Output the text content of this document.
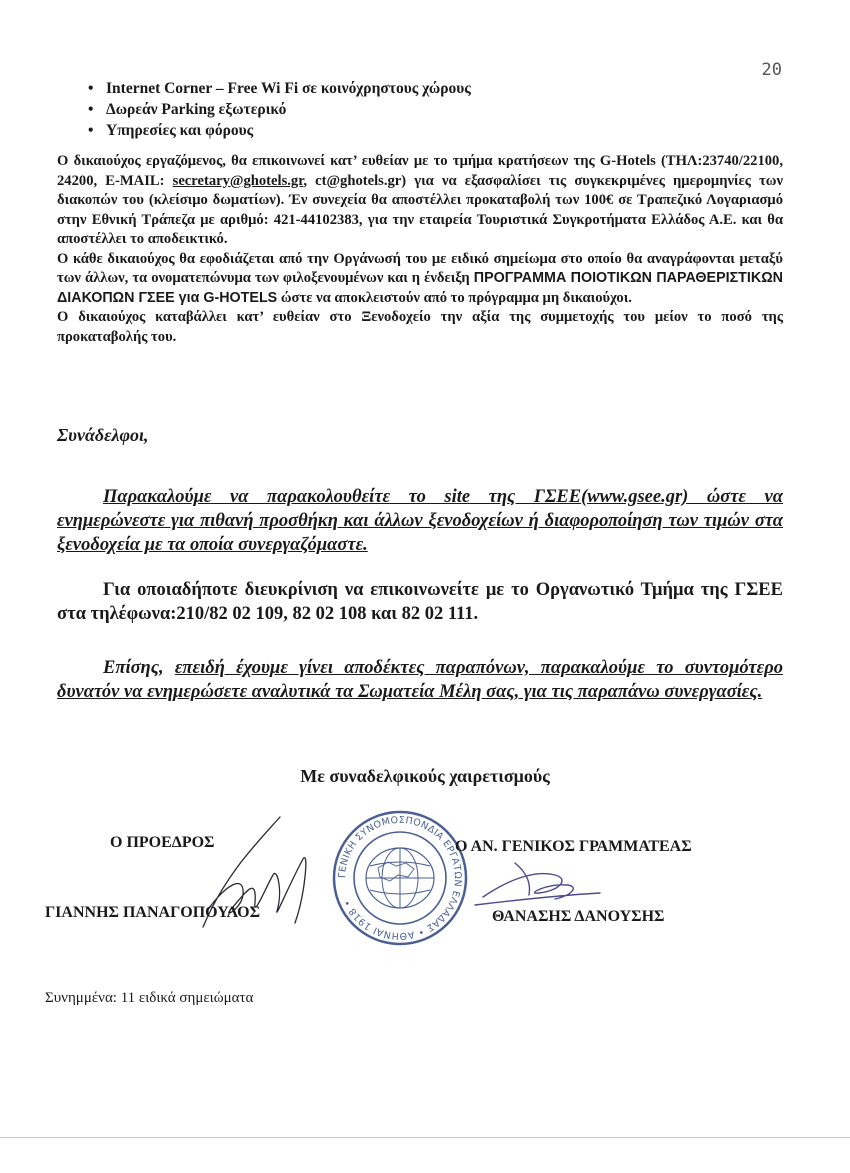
20
• Internet Corner – Free Wi Fi σε κοινόχρηστους χώρους
• Δωρεάν Parking εξωτερικό
• Υπηρεσίες και φόρους

Ο δικαιούχος εργαζόμενος, θα επικοινωνεί κατ’ ευθείαν με το τμήμα κρατήσεων της G-Hotels (ΤΗΛ:23740/22100, 24200, E-MAIL: secretary@ghotels.gr, ct@ghotels.gr) για να εξασφαλίσει τις συγκεκριμένες ημερομηνίες των διακοπών του (κλείσιμο δωματίων). Έν συνεχεία θα αποστέλλει προκαταβολή των 100€ σε Τραπεζικό Λογαριασμό στην Εθνική Τράπεζα με αριθμό: 421-44102383, για την εταιρεία Τουριστικά Συγκροτήματα Ελλάδος Α.Ε. και θα αποστέλλει το αποδεικτικό.

Ο κάθε δικαιούχος θα εφοδιάζεται από την Οργάνωσή του με ειδικό σημείωμα στο οποίο θα αναγράφονται μεταξύ των άλλων, τα ονοματεπώνυμα των φιλοξενουμένων και η ένδειξη ΠΡΟΓΡΑΜΜΑ ΠΟΙΟΤΙΚΩΝ ΠΑΡΑΘΕΡΙΣΤΙΚΩΝ ΔΙΑΚΟΠΩΝ ΓΣΕΕ για G-HOTELS ώστε να αποκλειστούν από το πρόγραμμα μη δικαιούχοι.

Ο δικαιούχος καταβάλλει κατ’ ευθείαν στο Ξενοδοχείο την αξία της συμμετοχής του μείον το ποσό της προκαταβολής του.

Συνάδελφοι,

Παρακαλούμε να παρακολουθείτε το site της ΓΣΕΕ(www.gsee.gr) ώστε να ενημερώνεστε για πιθανή προσθήκη και άλλων ξενοδοχείων ή διαφοροποίηση των τιμών στα ξενοδοχεία με τα οποία συνεργαζόμαστε.

Για οποιαδήποτε διευκρίνιση να επικοινωνείτε με το Οργανωτικό Τμήμα της ΓΣΕΕ στα τηλέφωνα:210/82 02 109, 82 02 108 και 82 02 111.

Επίσης, επειδή έχουμε γίνει αποδέκτες παραπόνων, παρακαλούμε το συντομότερο δυνατόν να ενημερώσετε αναλυτικά τα Σωματεία Μέλη σας, για τις παραπάνω συνεργασίες.

Με συναδελφικούς χαιρετισμούς
ΓΕΝΙΚΗ ΣΥΝΟΜΟΣΠΟΝΔΙΑ ΕΡΓΑΤΩΝ ΕΛΛΑΔΑΣ • ΑΘΗΝΑΙ 1918 •
Ο ΠΡΟΕΔΡΟΣ	Ο ΑΝ. ΓΕΝΙΚΟΣ ΓΡΑΜΜΑΤΕΑΣ
ΓΙΑΝΝΗΣ ΠΑΝΑΓΟΠΟΥΛΟΣ	ΘΑΝΑΣΗΣ ΔΑΝΟΥΣΗΣ
Συνημμένα: 11 ειδικά σημειώματα
